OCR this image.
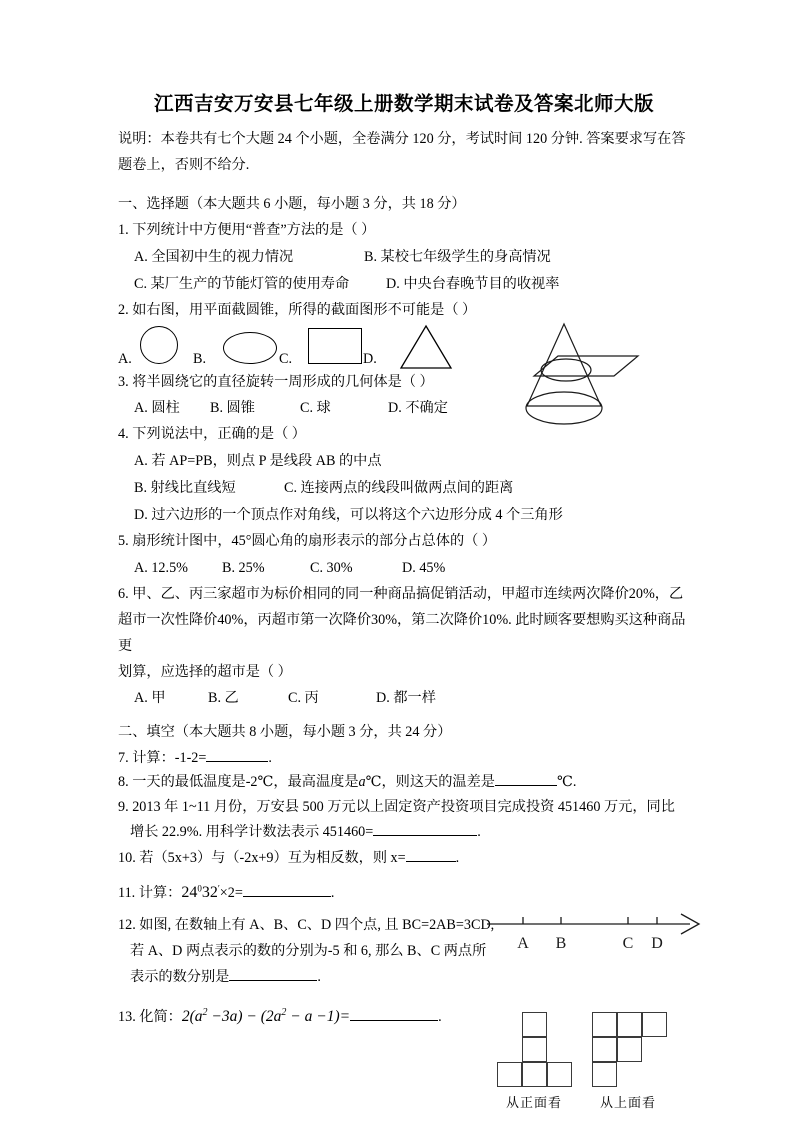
江西吉安万安县七年级上册数学期末试卷及答案北师大版

说明：本卷共有七个大题 24 个小题，全卷满分 120 分，考试时间 120 分钟. 答案要求写在答

题卷上，否则不给分.

一、选择题（本大题共 6 小题，每小题 3 分，共 18 分）

1. 下列统计中方便用“普查”方法的是（ ）

A. 全国初中生的视力情况	B. 某校七年级学生的身高情况

C. 某厂生产的节能灯管的使用寿命	D. 中央台春晚节目的收视率

2. 如右图，用平面截圆锥，所得的截面图形不可能是（ ）

A.	B.	C.	D.

3. 将半圆绕它的直径旋转一周形成的几何体是（ ）

A. 圆柱 B. 圆锥	C. 球	D. 不确定

4. 下列说法中，正确的是（ ）

A. 若 AP=PB，则点 P 是线段 AB 的中点

B. 射线比直线短	C. 连接两点的线段叫做两点间的距离

D. 过六边形的一个顶点作对角线，可以将这个六边形分成 4 个三角形

5. 扇形统计图中，45°圆心角的扇形表示的部分占总体的（ ）

A. 12.5% B. 25%	C. 30%	D. 45%

6. 甲、乙、丙三家超市为标价相同的同一种商品搞促销活动，甲超市连续两次降价20%，乙

超市一次性降价40%，丙超市第一次降价30%，第二次降价10%. 此时顾客要想购买这种商品更

划算，应选择的超市是（ ）

A. 甲	B. 乙	C. 丙	D. 都一样

二、填空（本大题共 8 小题，每小题 3 分，共 24 分）

7. 计算：-1-2=	.

8. 一天的最低温度是-2℃，最高温度是a℃，则这天的温差是	℃.

9. 2013 年 1~11 月份，万安县 500 万元以上固定资产投资项目完成投资 451460 万元，同比

增长 22.9%. 用科学计数法表示 451460=	.

10. 若（5x+3）与（-2x+9）互为相反数，则 x=	.

11. 计算：$24^032'\times 2=$	.

12. 如图, 在数轴上有 A、B、C、D 四个点, 且 BC=2AB=3CD,

若 A、D 两点表示的数的分别为-5 和 6, 那么 B、C 两点所

表示的数分别是	.

13. 化简：$2(a^2 -3a) - (2a^2 - a -1)=$	.

A B	C D
从正面看	从上面看
